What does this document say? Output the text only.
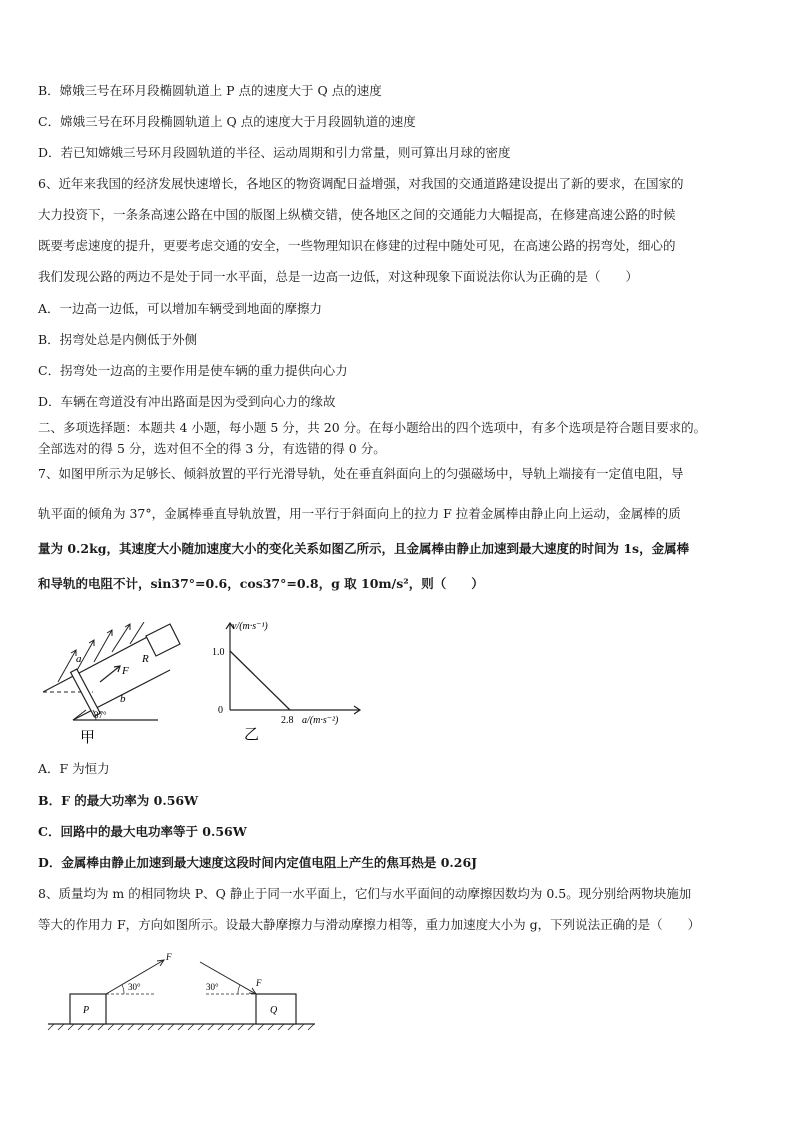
B．嫦娥三号在环月段椭圆轨道上 P 点的速度大于 Q 点的速度
C．嫦娥三号在环月段椭圆轨道上 Q 点的速度大于月段圆轨道的速度
D．若已知嫦娥三号环月段圆轨道的半径、运动周期和引力常量，则可算出月球的密度
6、近年来我国的经济发展快速增长，各地区的物资调配日益增强，对我国的交通道路建设提出了新的要求，在国家的
大力投资下，一条条高速公路在中国的版图上纵横交错，使各地区之间的交通能力大幅提高，在修建高速公路的时候
既要考虑速度的提升，更要考虑交通的安全，一些物理知识在修建的过程中随处可见，在高速公路的拐弯处，细心的
我们发现公路的两边不是处于同一水平面，总是一边高一边低，对这种现象下面说法你认为正确的是（　　）
A．一边高一边低，可以增加车辆受到地面的摩擦力
B．拐弯处总是内侧低于外侧
C．拐弯处一边高的主要作用是使车辆的重力提供向心力
D．车辆在弯道没有冲出路面是因为受到向心力的缘故
二、多项选择题：本题共 4 小题，每小题 5 分，共 20 分。在每小题给出的四个选项中，有多个选项是符合题目要求的。
全部选对的得 5 分，选对但不全的得 3 分，有选错的得 0 分。
7、如图甲所示为足够长、倾斜放置的平行光滑导轨，处在垂直斜面向上的匀强磁场中，导轨上端接有一定值电阻，导
轨平面的倾角为 37°，金属棒垂直导轨放置，用一平行于斜面向上的拉力 F 拉着金属棒由静止向上运动，金属棒的质
量为 0.2kg，其速度大小随加速度大小的变化关系如图乙所示，且金属棒由静止加速到最大速度的时间为 1s，金属棒
和导轨的电阻不计，sin37°=0.6，cos37°=0.8，g 取 10m/s²，则（　　）
a
b
F
R
37°
甲
v/(m·s⁻¹)
1.0
0
2.8 a/(m·s⁻²)
乙
A．F 为恒力
B．F 的最大功率为 0.56W
C．回路中的最大电功率等于 0.56W
D．金属棒由静止加速到最大速度这段时间内定值电阻上产生的焦耳热是 0.26J
8、质量均为 m 的相同物块 P、Q 静止于同一水平面上，它们与水平面间的动摩擦因数均为 0.5。现分别给两物块施加
等大的作用力 F，方向如图所示。设最大静摩擦力与滑动摩擦力相等，重力加速度大小为 g，下列说法正确的是（　　）
P
F
30°
Q
F
30°
